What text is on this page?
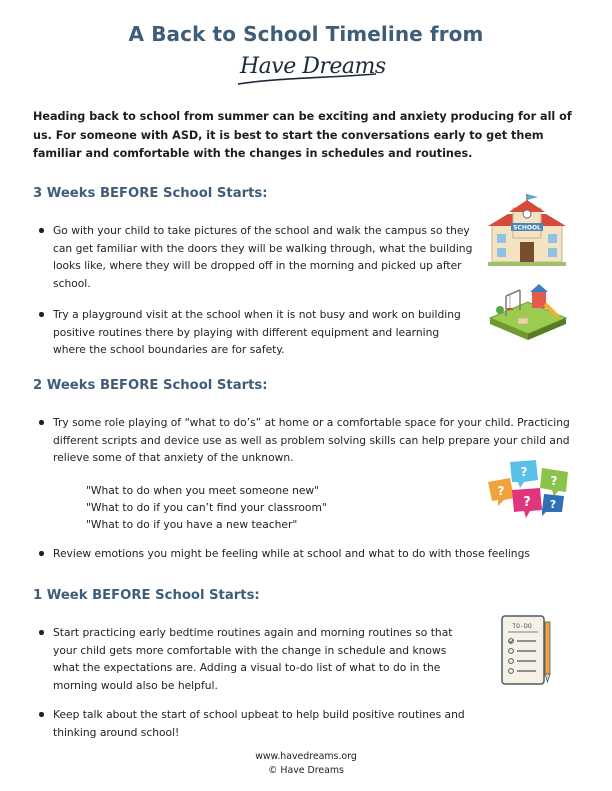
A Back to School Timeline from
Have Dreams
Heading back to school from summer can be exciting and anxiety producing for all of us. For someone with ASD, it is best to start the conversations early to get them familiar and comfortable with the changes in schedules and routines.
3 Weeks BEFORE School Starts:
Go with your child to take pictures of the school and walk the campus so they can get familiar with the doors they will be walking through, what the building looks like, where they will be dropped off in the morning and picked up after school.
Try a playground visit at the school when it is not busy and work on building positive routines there by playing with different equipment and learning where the school boundaries are for safety.
SCHOOL
2 Weeks BEFORE School Starts:
Try some role playing of “what to do’s” at home or a comfortable space for your child. Practicing different scripts and device use as well as problem solving skills can help prepare your child and relieve some of that anxiety of the unknown.
"What to do when you meet someone new"
"What to do if you can’t find your classroom"
"What to do if you have a new teacher"
?
?
?
? ?
Review emotions you might be feeling while at school and what to do with those feelings
1 Week BEFORE School Starts:
Start practicing early bedtime routines again and morning routines so that your child gets more comfortable with the change in schedule and knows what the expectations are. Adding a visual to-do list of what to do in the morning would also be helpful.
TO-DO
Keep talk about the start of school upbeat to help build positive routines and thinking around school!
www.havedreams.org
© Have Dreams
